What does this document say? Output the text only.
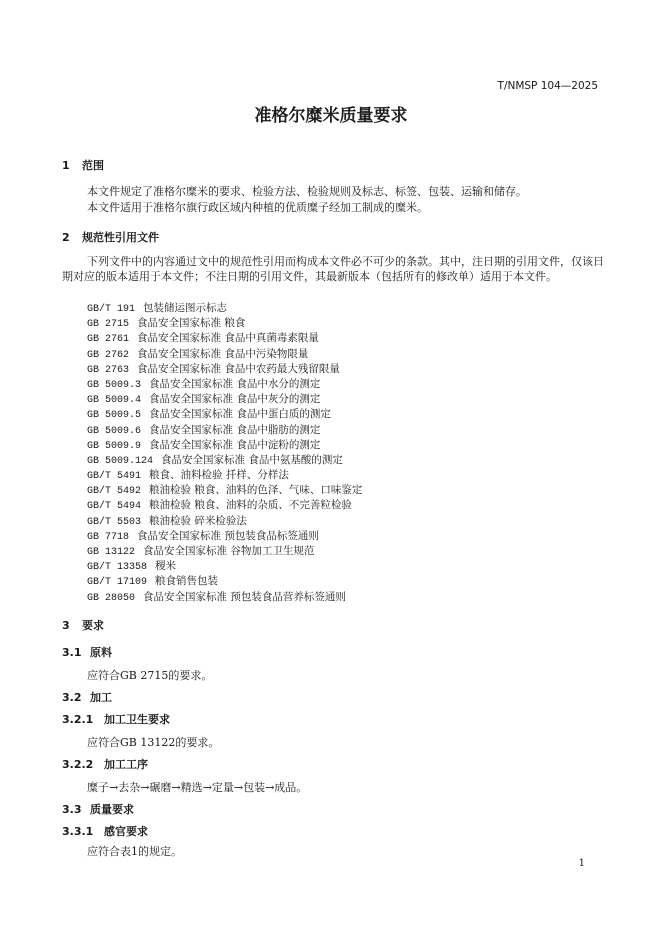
T/NMSP 104—2025
准格尔糜米质量要求
1 范围
本文件规定了准格尔糜米的要求、检验方法、检验规则及标志、标签、包装、运输和储存。
本文件适用于准格尔旗行政区域内种植的优质糜子经加工制成的糜米。
2 规范性引用文件
下列文件中的内容通过文中的规范性引用而构成本文件必不可少的条款。其中，注日期的引用文件，仅该日期对应的版本适用于本文件；不注日期的引用文件，其最新版本（包括所有的修改单）适用于本文件。
GB/T 191 包装储运图示标志
GB 2715 食品安全国家标准 粮食
GB 2761 食品安全国家标准 食品中真菌毒素限量
GB 2762 食品安全国家标准 食品中污染物限量
GB 2763 食品安全国家标准 食品中农药最大残留限量
GB 5009.3 食品安全国家标准 食品中水分的测定
GB 5009.4 食品安全国家标准 食品中灰分的测定
GB 5009.5 食品安全国家标准 食品中蛋白质的测定
GB 5009.6 食品安全国家标准 食品中脂肪的测定
GB 5009.9 食品安全国家标准 食品中淀粉的测定
GB 5009.124 食品安全国家标准 食品中氨基酸的测定
GB/T 5491 粮食、油料检验 扦样、分样法
GB/T 5492 粮油检验 粮食、油料的色泽、气味、口味鉴定
GB/T 5494 粮油检验 粮食、油料的杂质、不完善粒检验
GB/T 5503 粮油检验 碎米检验法
GB 7718 食品安全国家标准 预包装食品标签通则
GB 13122 食品安全国家标准 谷物加工卫生规范
GB/T 13358 稷米
GB/T 17109 粮食销售包装
GB 28050 食品安全国家标准 预包装食品营养标签通则
3 要求
3.1 原料
应符合GB 2715的要求。
3.2 加工
3.2.1 加工卫生要求
应符合GB 13122的要求。
3.2.2 加工工序
糜子→去杂→碾磨→精选→定量→包装→成品。
3.3 质量要求
3.3.1 感官要求
应符合表1的规定。
1
